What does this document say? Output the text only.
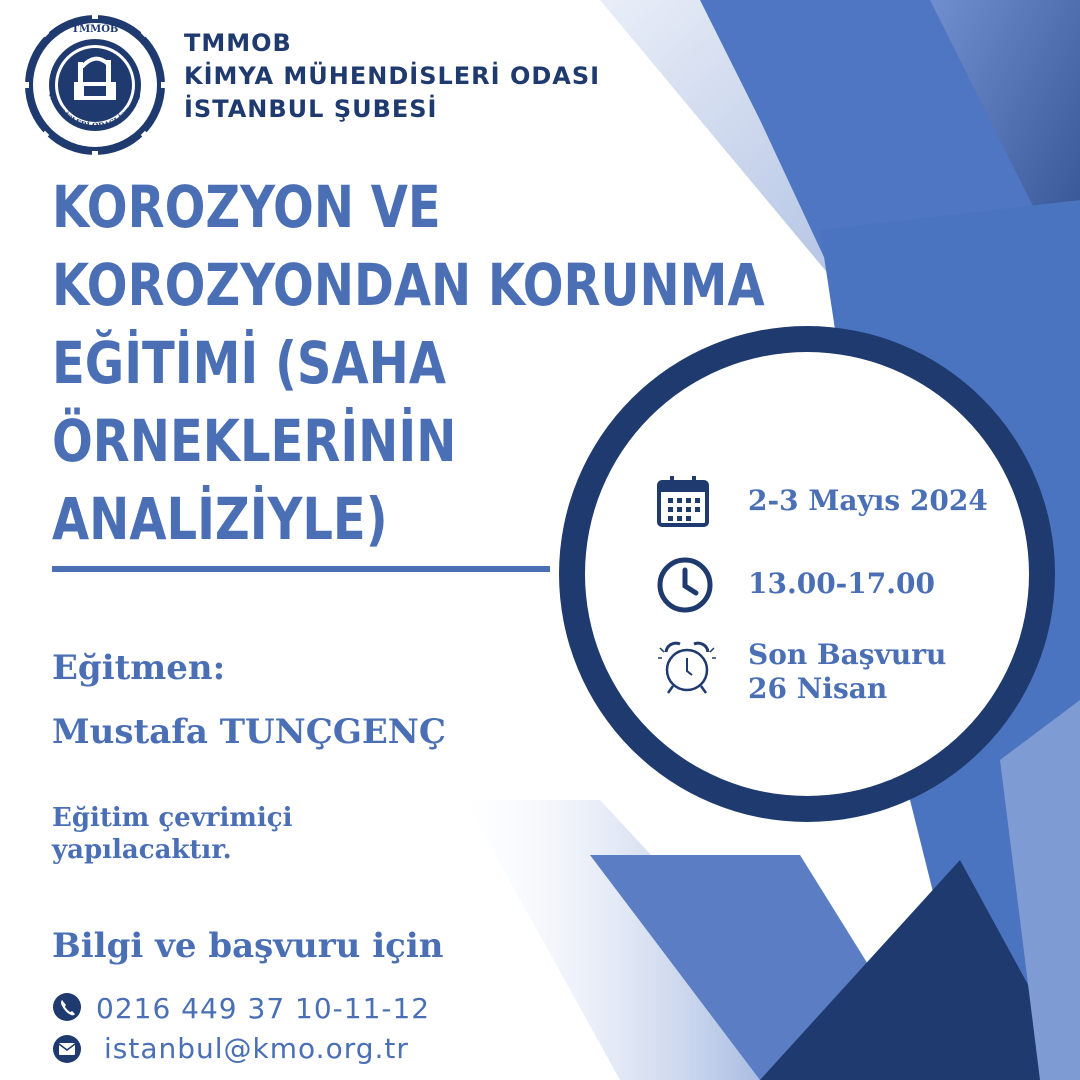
TMMOB
HENDİSLERİ ODASI İSTANB
TMMOB
KİMYA MÜHENDİSLERİ ODASI
İSTANBUL ŞUBESİ
KOROZYON VE
KOROZYONDAN KORUNMA
EĞİTİMİ (SAHA
ÖRNEKLERİNİN
ANALİZİYLE)
Eğitmen:
Mustafa TUNÇGENÇ
Eğitim çevrimiçi
yapılacaktır.
Bilgi ve başvuru için
0216 449 37 10-11-12
istanbul@kmo.org.tr
2-3 Mayıs 2024
13.00-17.00
Son Başvuru
26 Nisan
